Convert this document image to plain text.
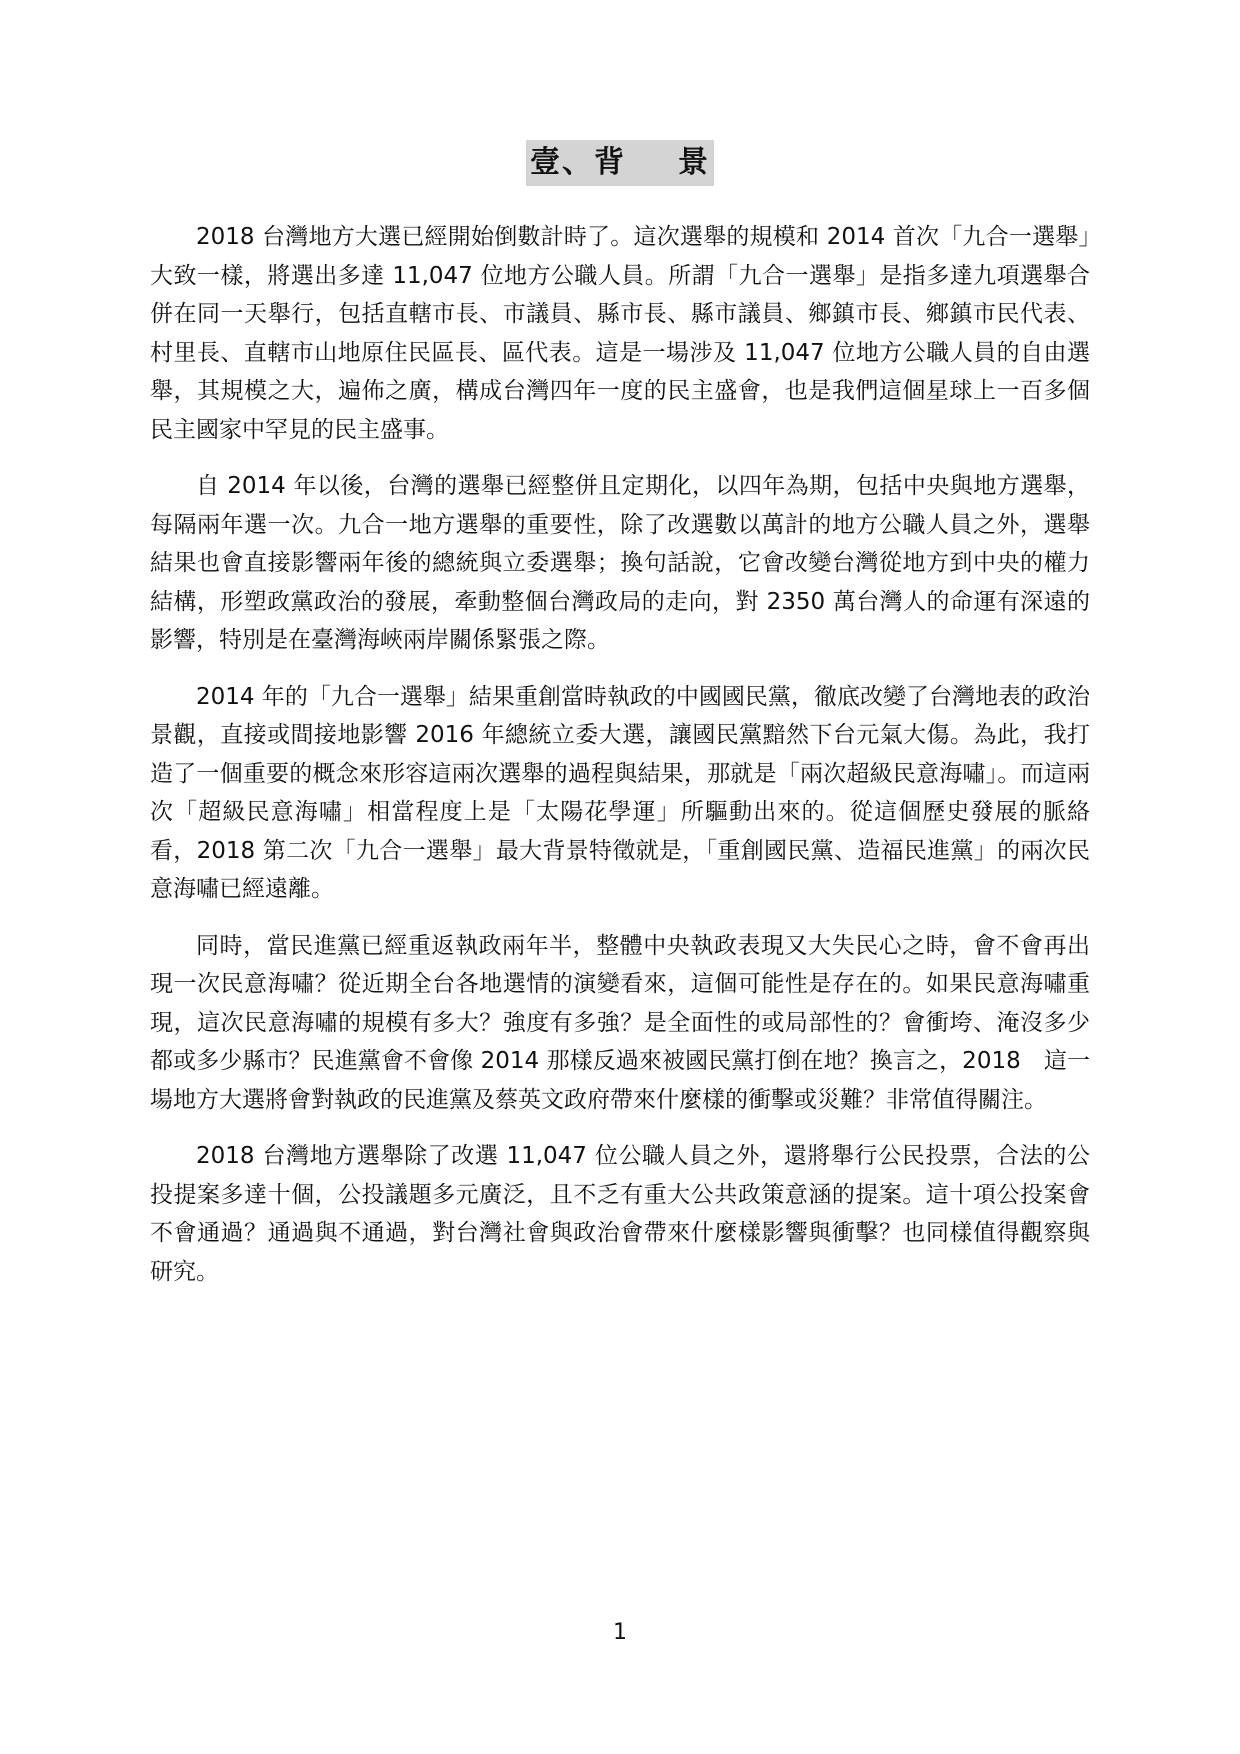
壹、背 景

2018 台灣地方大選已經開始倒數計時了。這次選舉的規模和 2014 首次「九合一選舉」大致一樣，將選出多達 11,047 位地方公職人員。所謂「九合一選舉」是指多達九項選舉合併在同一天舉行，包括直轄市長、市議員、縣市長、縣市議員、鄉鎮市長、鄉鎮市民代表、村里長、直轄市山地原住民區長、區代表。這是一場涉及 11,047 位地方公職人員的自由選舉，其規模之大，遍佈之廣，構成台灣四年一度的民主盛會，也是我們這個星球上一百多個民主國家中罕見的民主盛事。

自 2014 年以後，台灣的選舉已經整併且定期化，以四年為期，包括中央與地方選舉，每隔兩年選一次。九合一地方選舉的重要性，除了改選數以萬計的地方公職人員之外，選舉結果也會直接影響兩年後的總統與立委選舉；換句話說，它會改變台灣從地方到中央的權力結構，形塑政黨政治的發展，牽動整個台灣政局的走向，對 2350 萬台灣人的命運有深遠的影響，特別是在臺灣海峽兩岸關係緊張之際。

2014 年的「九合一選舉」結果重創當時執政的中國國民黨，徹底改變了台灣地表的政治景觀，直接或間接地影響 2016 年總統立委大選，讓國民黨黯然下台元氣大傷。為此，我打造了一個重要的概念來形容這兩次選舉的過程與結果，那就是「兩次超級民意海嘯」。而這兩次「超級民意海嘯」相當程度上是「太陽花學運」所驅動出來的。從這個歷史發展的脈絡看，2018 第二次「九合一選舉」最大背景特徵就是，「重創國民黨、造福民進黨」的兩次民意海嘯已經遠離。

同時，當民進黨已經重返執政兩年半，整體中央執政表現又大失民心之時，會不會再出現一次民意海嘯？從近期全台各地選情的演變看來，這個可能性是存在的。如果民意海嘯重現，這次民意海嘯的規模有多大？強度有多強？是全面性的或局部性的？會衝垮、淹沒多少都或多少縣市？民進黨會不會像 2014 那樣反過來被國民黨打倒在地？換言之，2018　這一場地方大選將會對執政的民進黨及蔡英文政府帶來什麼樣的衝擊或災難？非常值得關注。

2018 台灣地方選舉除了改選 11,047 位公職人員之外，還將舉行公民投票，合法的公投提案多達十個，公投議題多元廣泛，且不乏有重大公共政策意涵的提案。這十項公投案會不會通過？通過與不通過，對台灣社會與政治會帶來什麼樣影響與衝擊？也同樣值得觀察與研究。

1
